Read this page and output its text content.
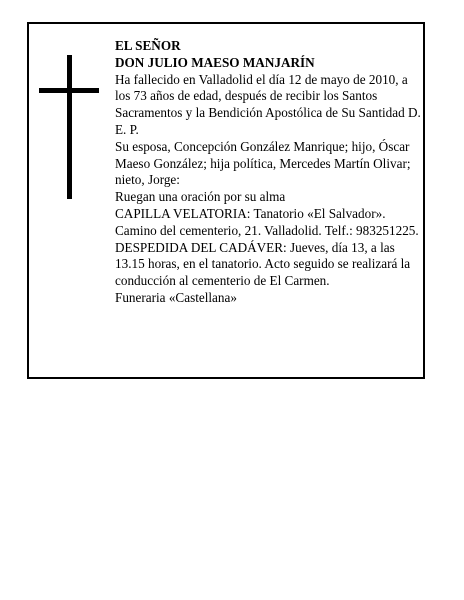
EL SEÑOR

DON JULIO MAESO MANJARÍN

Ha fallecido en Valladolid el día 12 de mayo de 2010, a los 73 años de edad, después de recibir los Santos Sacramentos y la Bendición Apostólica de Su Santidad D. E. P.

Su esposa, Concepción González Manrique; hijo, Óscar Maeso González; hija política, Mercedes Martín Olivar; nieto, Jorge:

Ruegan una oración por su alma

CAPILLA VELATORIA: Tanatorio «El Salvador». Camino del cementerio, 21. Valladolid. Telf.: 983251225.

DESPEDIDA DEL CADÁVER: Jueves, día 13, a las 13.15 horas, en el tanatorio. Acto seguido se realizará la conducción al cementerio de El Carmen.

Funeraria «Castellana»
